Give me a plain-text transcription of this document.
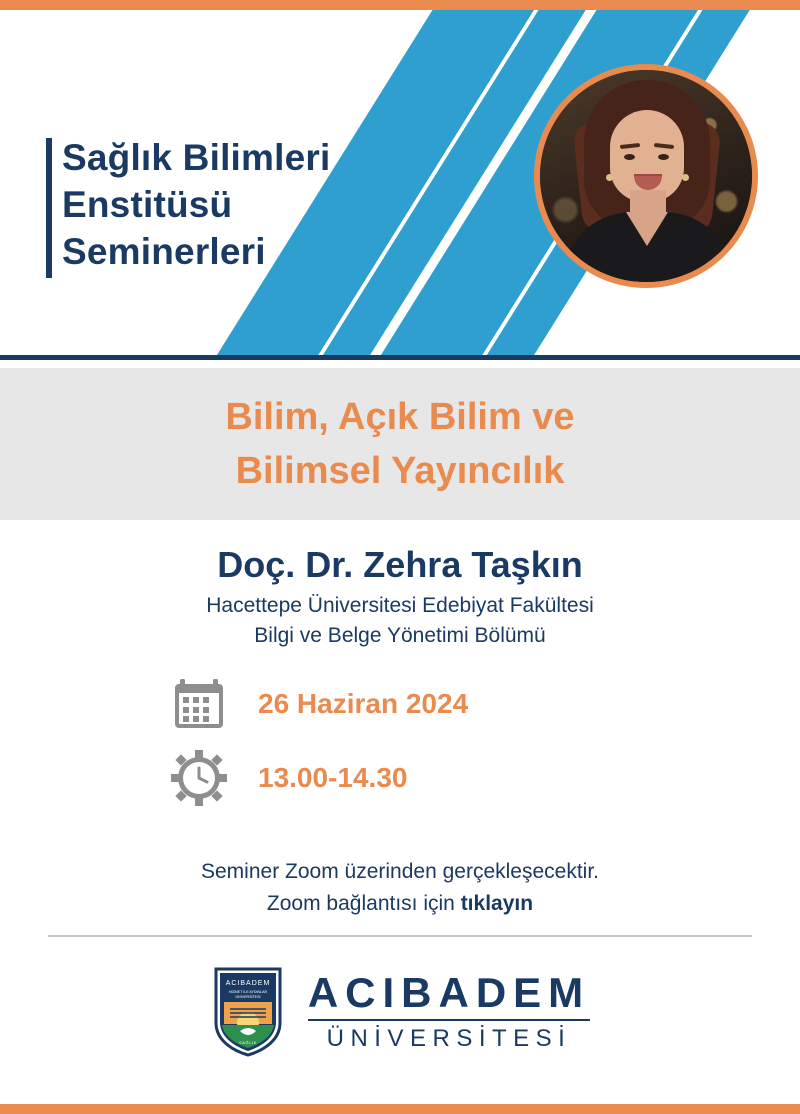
Sağlık Bilimleri
Enstitüsü
Seminerleri
Bilim, Açık Bilim ve
Bilimsel Yayıncılık
Doç. Dr. Zehra Taşkın
Hacettepe Üniversitesi Edebiyat Fakültesi
Bilgi ve Belge Yönetimi Bölümü
26 Haziran 2024
13.00-14.30
Seminer Zoom üzerinden gerçekleşecektir.
Zoom bağlantısı için tıklayın
ACIBADEM
HİZMET İLE AYDINLAR
ÜNİVERSİTESİ
SAĞLIK
ACIBADEM
ÜNİVERSİTESİ
